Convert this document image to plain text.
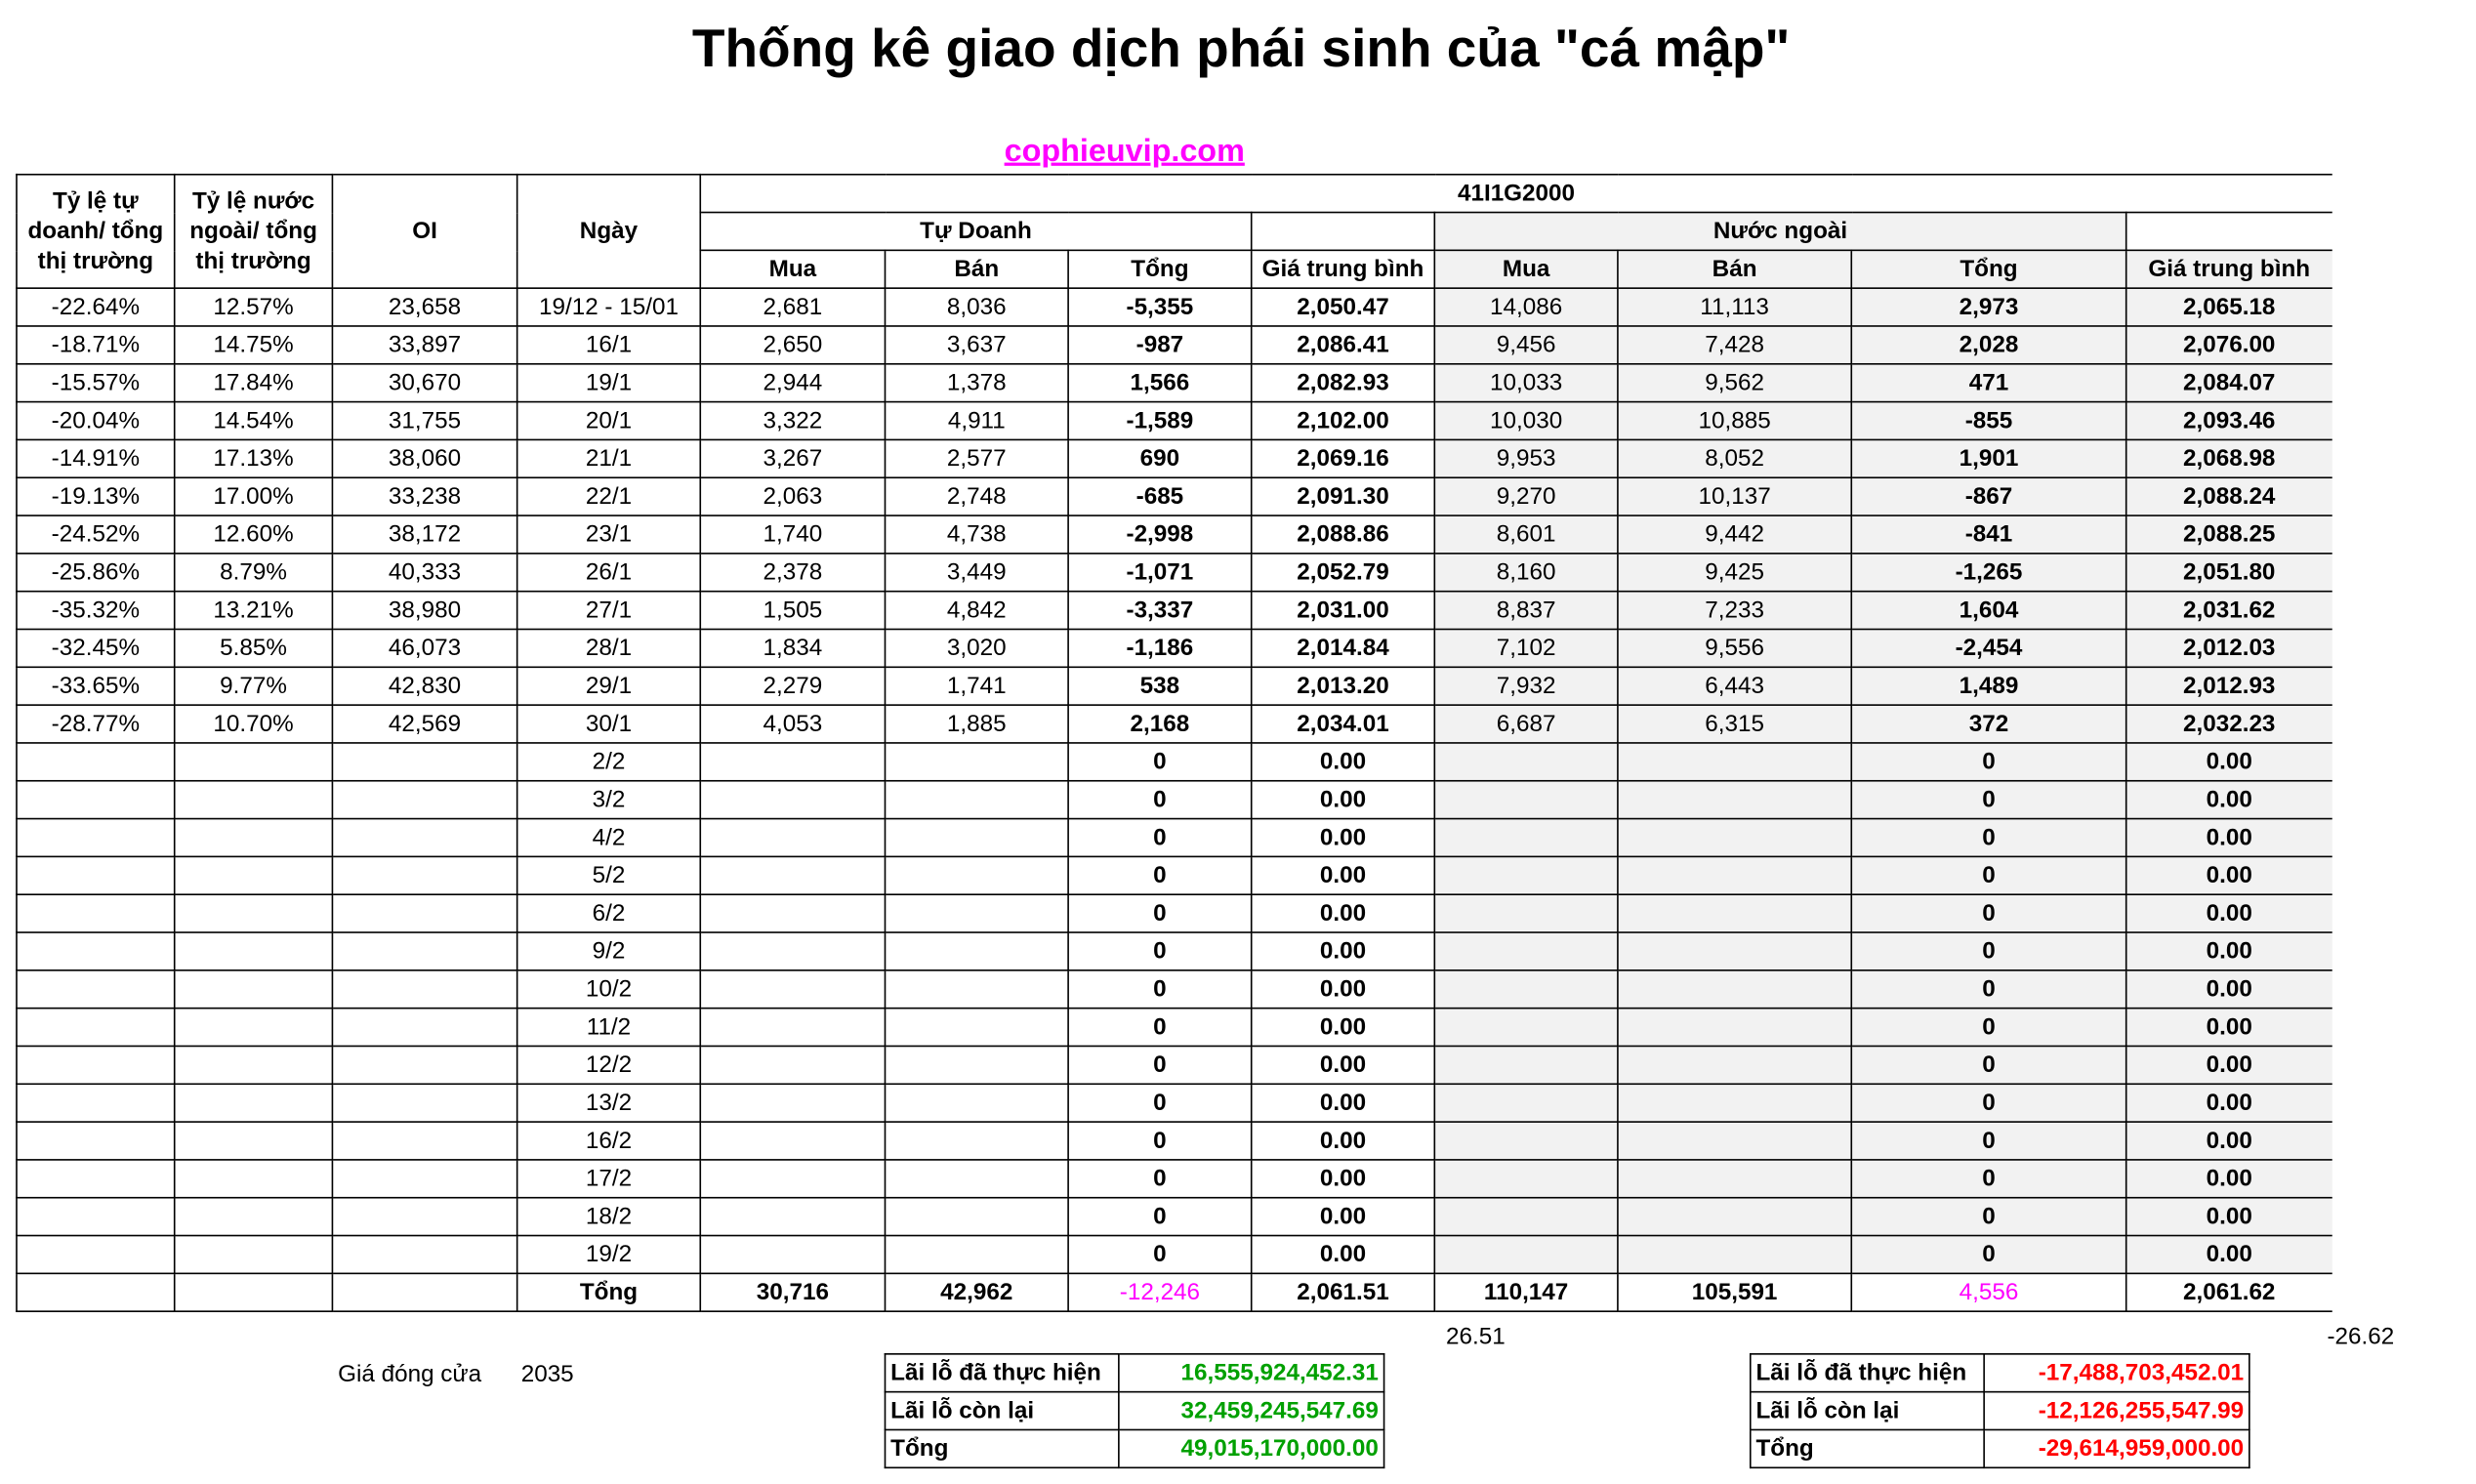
Thống kê giao dịch phái sinh của "cá mập"
cophieuvip.com
Tỷ lệ tự doanh/ tổng thị trường	Tỷ lệ nước ngoài/ tổng thị trường	OI	Ngày	41I1G2000							
				Tự Doanh				Nước ngoài			
				Mua	Bán	Tổng	Giá trung bình	Mua	Bán	Tổng	Giá trung bình
-22.64%	12.57%	23,658	19/12 - 15/01	2,681	8,036	-5,355	2,050.47	14,086	11,113	2,973	2,065.18
-18.71%	14.75%	33,897	16/1	2,650	3,637	-987	2,086.41	9,456	7,428	2,028	2,076.00
-15.57%	17.84%	30,670	19/1	2,944	1,378	1,566	2,082.93	10,033	9,562	471	2,084.07
-20.04%	14.54%	31,755	20/1	3,322	4,911	-1,589	2,102.00	10,030	10,885	-855	2,093.46
-14.91%	17.13%	38,060	21/1	3,267	2,577	690	2,069.16	9,953	8,052	1,901	2,068.98
-19.13%	17.00%	33,238	22/1	2,063	2,748	-685	2,091.30	9,270	10,137	-867	2,088.24
-24.52%	12.60%	38,172	23/1	1,740	4,738	-2,998	2,088.86	8,601	9,442	-841	2,088.25
-25.86%	8.79%	40,333	26/1	2,378	3,449	-1,071	2,052.79	8,160	9,425	-1,265	2,051.80
-35.32%	13.21%	38,980	27/1	1,505	4,842	-3,337	2,031.00	8,837	7,233	1,604	2,031.62
-32.45%	5.85%	46,073	28/1	1,834	3,020	-1,186	2,014.84	7,102	9,556	-2,454	2,012.03
-33.65%	9.77%	42,830	29/1	2,279	1,741	538	2,013.20	7,932	6,443	1,489	2,012.93
-28.77%	10.70%	42,569	30/1	4,053	1,885	2,168	2,034.01	6,687	6,315	372	2,032.23
			2/2			0	0.00			0	0.00
			3/2			0	0.00			0	0.00
			4/2			0	0.00			0	0.00
			5/2			0	0.00			0	0.00
			6/2			0	0.00			0	0.00
			9/2			0	0.00			0	0.00
			10/2			0	0.00			0	0.00
			11/2			0	0.00			0	0.00
			12/2			0	0.00			0	0.00
			13/2			0	0.00			0	0.00
			16/2			0	0.00			0	0.00
			17/2			0	0.00			0	0.00
			18/2			0	0.00			0	0.00
			19/2			0	0.00			0	0.00
			Tổng	30,716	42,962	-12,246	2,061.51	110,147	105,591	4,556	2,061.62
26.51	-26.62
Giá đóng cửa	2035	Lãi lỗ đã thực hiện	16,555,924,452.31
Lãi lỗ còn lại	32,459,245,547.69
Tổng	49,015,170,000.00
Lãi lỗ đã thực hiện	-17,488,703,452.01
Lãi lỗ còn lại	-12,126,255,547.99
Tổng	-29,614,959,000.00
